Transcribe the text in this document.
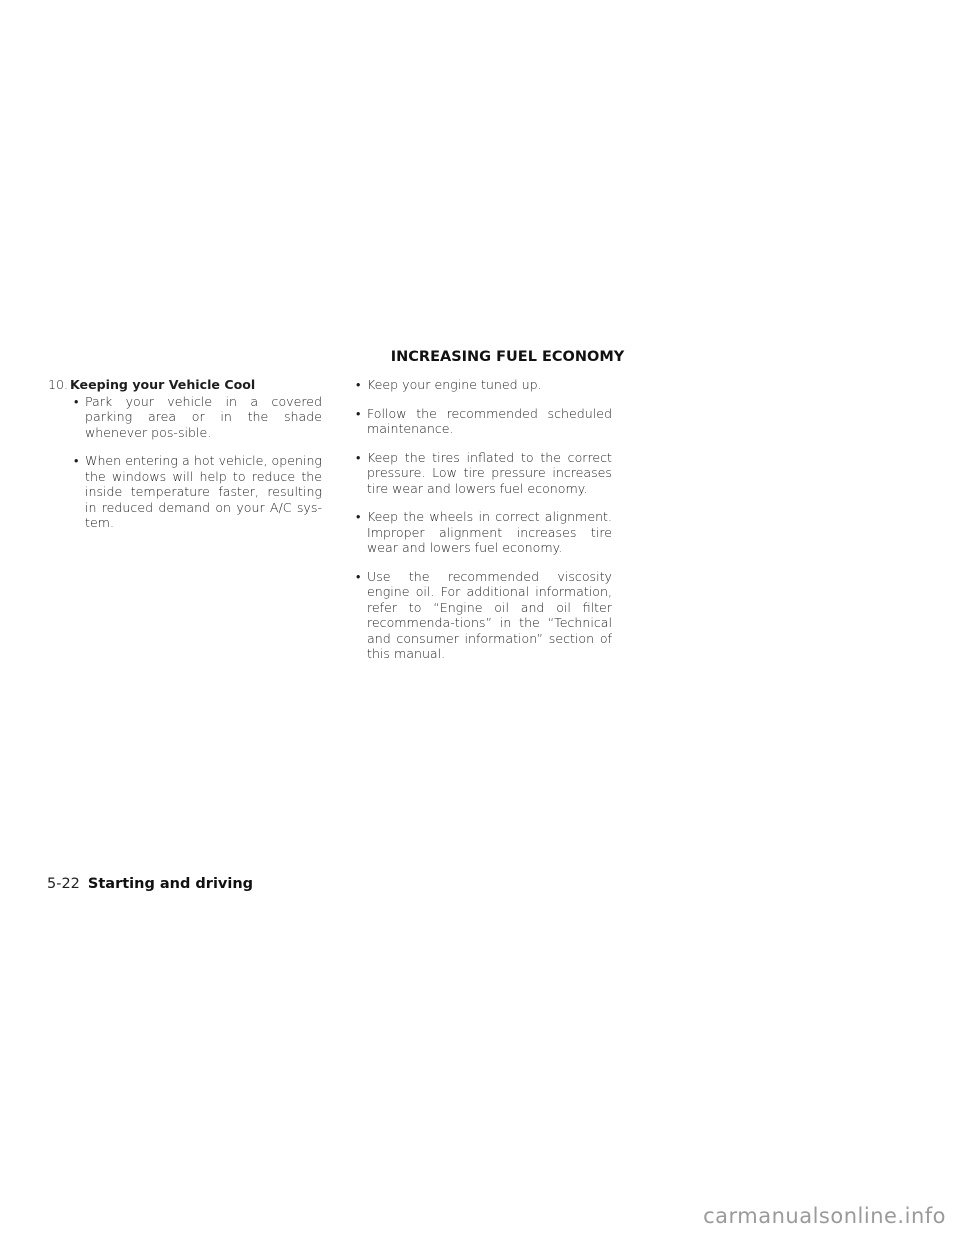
INCREASING FUEL ECONOMY
10. Keeping your Vehicle Cool
• Park your vehicle in a covered parking area or in the shade whenever pos-sible.
• When entering a hot vehicle, opening the windows will help to reduce the inside temperature faster, resulting in reduced demand on your A/C sys-tem.
• Keep your engine tuned up.
• Follow the recommended scheduled maintenance.
• Keep the tires inflated to the correct pressure. Low tire pressure increases tire wear and lowers fuel economy.
• Keep the wheels in correct alignment. Improper alignment increases tire wear and lowers fuel economy.
• Use the recommended viscosity engine oil. For additional information, refer to “Engine oil and oil filter recommenda-tions” in the “Technical and consumer information” section of this manual.
5-22 Starting and driving
carmanualsonline.info
